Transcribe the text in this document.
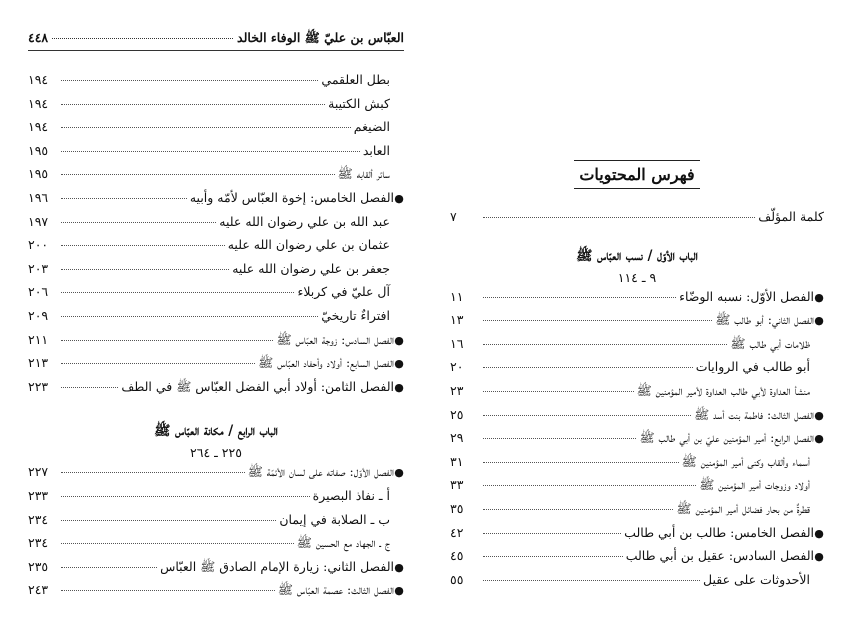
العبّاس بن عليّ ﷺ الوفاء الخالد
٤٤٨
بطل العلقمي
١٩٤
كبش الكتيبة
١٩٤
الضيغم
١٩٤
العابد
١٩٥
سائر ألقابه ﷺ
١٩٥
●
الفصل الخامس: إخوة العبّاس لأمّه وأبيه
١٩٦
عبد الله بن علي رضوان الله عليه
١٩٧
عثمان بن علي رضوان الله عليه
٢٠٠
جعفر بن علي رضوان الله عليه
٢٠٣
آل عليّ في كربلاء
٢٠٦
افتراءٌ تاريخيّ
٢٠٩
●
الفصل السادس: زوجة العبّاس ﷺ
٢١١
●
الفصل السابع: أولاد وأحفاد العبّاس ﷺ
٢١٣
●
الفصل الثامن: أولاد أبي الفضل العبّاس ﷺ في الطف
٢٢٣
الباب الرابع / مكانة العبّاس ﷺ
٢٢٥ ـ ٢٦٤
●
الفصل الأوّل: صفاته على لسان الأئمّة ﷺ
٢٢٧
أ ـ نفاذ البصيرة
٢٣٣
ب ـ الصلابة في إيمان
٢٣٤
ج ـ الجهاد مع الحسين ﷺ
٢٣٤
●
الفصل الثاني: زيارة الإمام الصادق ﷺ العبّاس
٢٣٥
●
الفصل الثالث: عصمة العبّاس ﷺ
٢٤٣
فهرس المحتويات
كلمة المؤلّف
٧
الباب الأوّل / نسب العبّاس ﷺ
٩ ـ ١١٤
●
الفصل الأوّل: نسبه الوضّاء
١١
●
الفصل الثاني: أبو طالب ﷺ
١٣
ظلامات أبي طالب ﷺ
١٦
أبو طالب في الروايات
٢٠
منشأ العداوة لأبي طالب العداوة لأمير المؤمنين ﷺ
٢٣
●
الفصل الثالث: فاطمة بنت أسد ﷺ
٢٥
●
الفصل الرابع: أمير المؤمنين عليّ بن أبي طالب ﷺ
٢٩
أسماء وألقاب وكنى أمير المؤمنين ﷺ
٣١
أولاد وزوجات أمير المؤمنين ﷺ
٣٣
قطرةٌ من بحار فضائل أمير المؤمنين ﷺ
٣٥
●
الفصل الخامس: طالب بن أبي طالب
٤٢
●
الفصل السادس: عقيل بن أبي طالب
٤٥
الأحدوثات على عقيل
٥٥
